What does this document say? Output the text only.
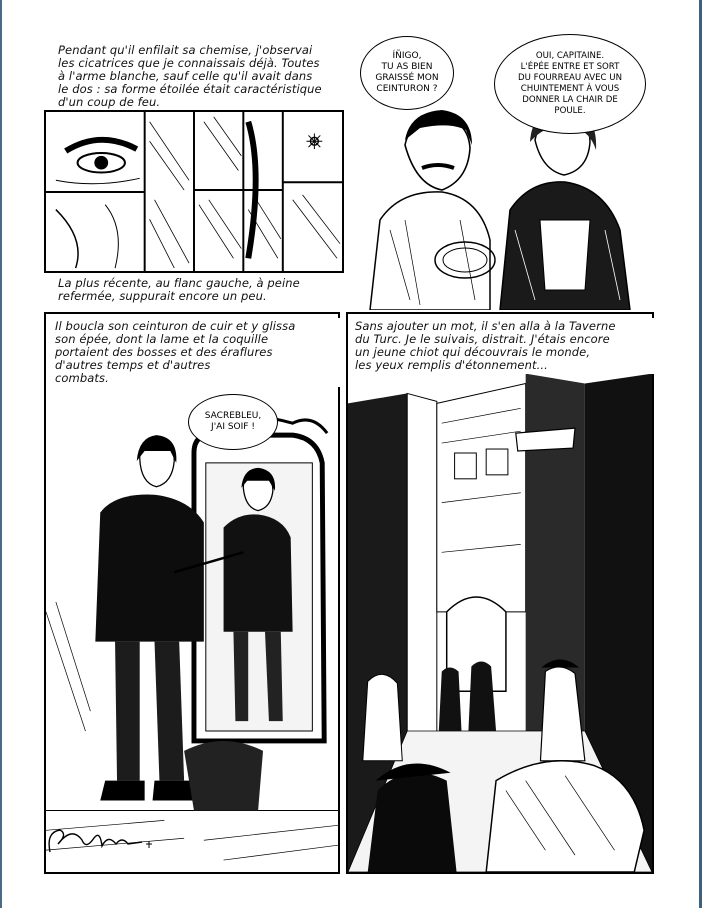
Pendant qu'il enfilait sa chemise, j'observai
les cicatrices que je connaissais déjà. Toutes
à l'arme blanche, sauf celle qu'il avait dans
le dos : sa forme étoilée était caractéristique
d'un coup de feu.
La plus récente, au flanc gauche, à peine
refermée, suppurait encore un peu.
ÍÑIGO,
TU AS BIEN
GRAISSÉ MON
CEINTURON ?
OUI, CAPITAINE.
L'ÉPÉE ENTRE ET SORT
DU FOURREAU AVEC UN
CHUINTEMENT À VOUS
DONNER LA CHAIR DE
POULE.
Il boucla son ceinturon de cuir et y glissa
son épée, dont la lame et la coquille
portaient des bosses et des éraflures
d'autres temps et d'autres
combats.
SACREBLEU,
J'AI SOIF !
Sans ajouter un mot, il s'en alla à la Taverne
du Turc. Je le suivais, distrait. J'étais encore
un jeune chiot qui découvrais le monde,
les yeux remplis d'étonnement...
